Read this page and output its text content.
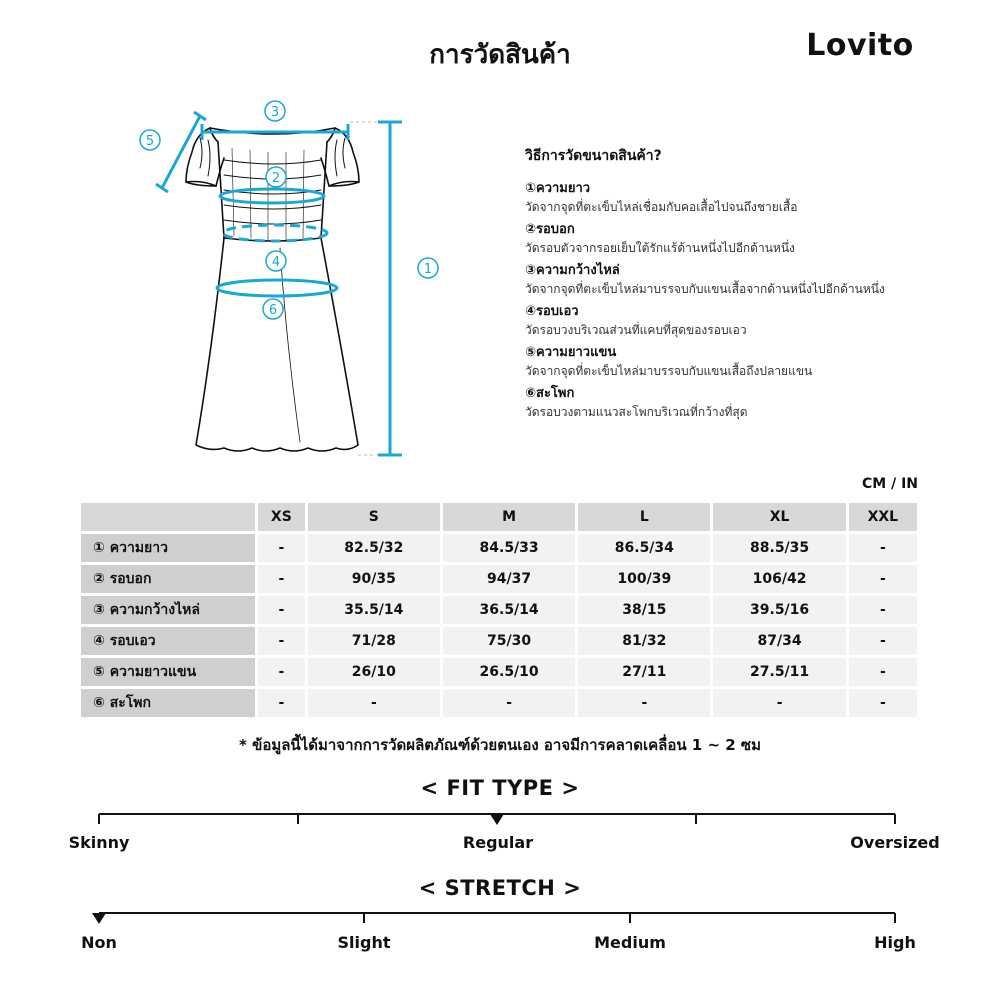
การวัดสินค้า	Lovito
3
5
2
4
6
1
วิธีการวัดขนาดสินค้า?
①ความยาว
วัดจากจุดที่ตะเข็บไหล่เชื่อมกับคอเสื้อไปจนถึงชายเสื้อ
②รอบอก
วัดรอบตัวจากรอยเย็บใต้รักแร้ด้านหนึ่งไปอีกด้านหนึ่ง
③ความกว้างไหล่
วัดจากจุดที่ตะเข็บไหล่มาบรรจบกับแขนเสื้อจากด้านหนึ่งไปอีกด้านหนึ่ง
④รอบเอว
วัดรอบวงบริเวณส่วนที่แคบที่สุดของรอบเอว
⑤ความยาวแขน
วัดจากจุดที่ตะเข็บไหล่มาบรรจบกับแขนเสื้อถึงปลายแขน
⑥สะโพก
วัดรอบวงตามแนวสะโพกบริเวณที่กว้างที่สุด
CM / IN
	XS	S	M	L	XL	XXL
① ความยาว	-	82.5/32	84.5/33	86.5/34	88.5/35	-
② รอบอก	-	90/35	94/37	100/39	106/42	-
③ ความกว้างไหล่	-	35.5/14	36.5/14	38/15	39.5/16	-
④ รอบเอว	-	71/28	75/30	81/32	87/34	-
⑤ ความยาวแขน	-	26/10	26.5/10	27/11	27.5/11	-
⑥ สะโพก	-	-	-	-	-	-
* ข้อมูลนี้ได้มาจากการวัดผลิตภัณฑ์ด้วยตนเอง อาจมีการคลาดเคลื่อน 1 ~ 2 ซม
< FIT TYPE >
Skinny	Regular	Oversized
< STRETCH >
Non	Slight	Medium	High
